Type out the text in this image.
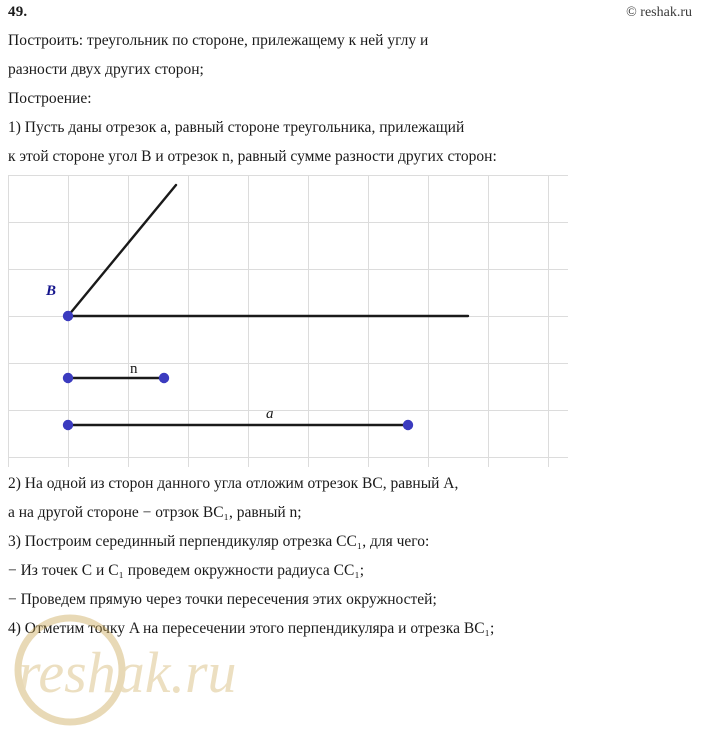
49.	© reshak.ru
Построить: треугольник по стороне, прилежащему к ней углу и
разности двух других сторон;
Построение:
1) Пусть даны отрезок a, равный стороне треугольника, прилежащий
к этой стороне угол B и отрезок n, равный сумме разности других сторон:
B
n
a
2) На одной из сторон данного угла отложим отрезок BC, равный A,
а на другой стороне − отрзок BC₁, равный n;
3) Построим серединный перпендикуляр отрезка CC₁, для чего:
− Из точек C и C₁ проведем окружности радиуса CC₁;
− Проведем прямую через точки пересечения этих окружностей;
4) Отметим точку A на пересечении этого перпендикуляра и отрезка BC₁;
reshak.ru
